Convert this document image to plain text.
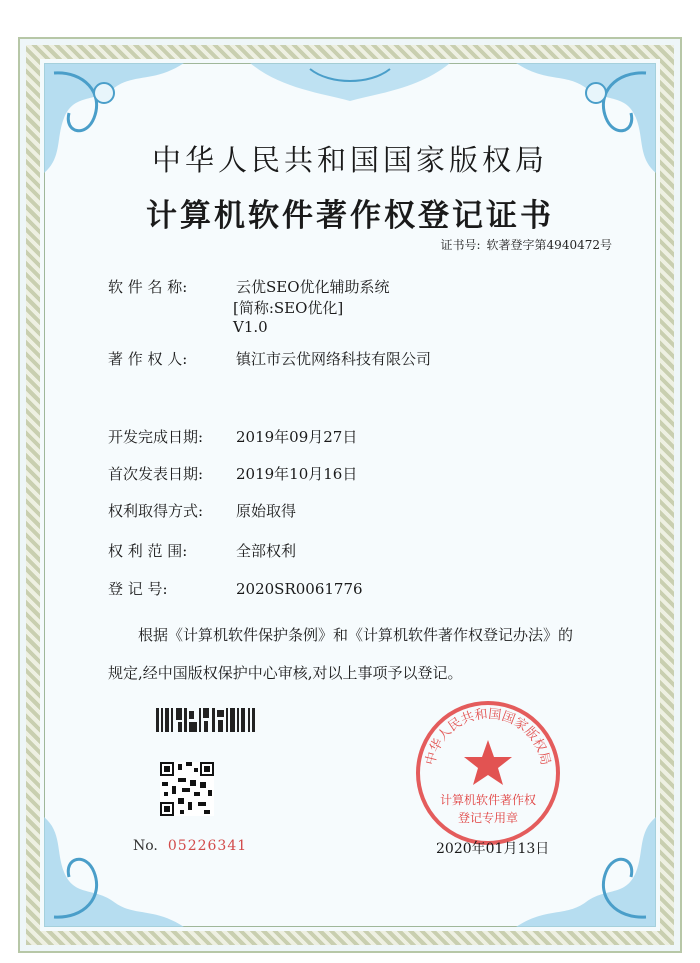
中华人民共和国国家版权局
计算机软件著作权登记证书
证书号: 软著登字第4940472号
软 件 名 称:	云优SEO优化辅助系统
[简称:SEO优化]
V1.0
著 作 权 人:	镇江市云优网络科技有限公司
开发完成日期: 2019年09月27日
首次发表日期: 2019年10月16日
权利取得方式: 原始取得
权 利 范 围:	全部权利
登 记 号:	2020SR0061776
根据《计算机软件保护条例》和《计算机软件著作权登记办法》的
规定,经中国版权保护中心审核,对以上事项予以登记。
No. 05226341
中华人民共和国国家版权局
计算机软件著作权
登记专用章
2020年01月13日
